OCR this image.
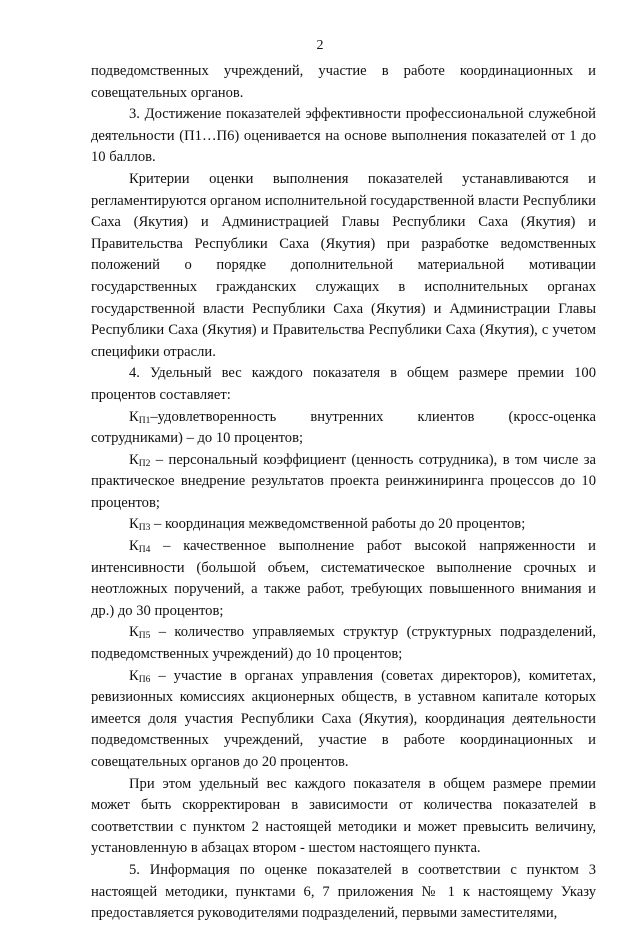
2

подведомственных учреждений, участие в работе координационных и совещательных органов.

3. Достижение показателей эффективности профессиональной служебной деятельности (П1…П6) оценивается на основе выполнения показателей от 1 до 10 баллов.

Критерии оценки выполнения показателей устанавливаются и регламентируются органом исполнительной государственной власти Республики Саха (Якутия) и Администрацией Главы Республики Саха (Якутия) и Правительства Республики Саха (Якутия) при разработке ведомственных положений о порядке дополнительной материальной мотивации государственных гражданских служащих в исполнительных органах государственной власти Республики Саха (Якутия) и Администрации Главы Республики Саха (Якутия) и Правительства Республики Саха (Якутия), с учетом специфики отрасли.

4. Удельный вес каждого показателя в общем размере премии 100 процентов составляет:

$К_{П1}$–удовлетворенность внутренних клиентов (кросс-оценка сотрудниками) – до 10 процентов;

$К_{П2}$ – персональный коэффициент (ценность сотрудника), в том числе за практическое внедрение результатов проекта реинжиниринга процессов до 10 процентов;

$К_{П3}$ – координация межведомственной работы до 20 процентов;

$К_{П4}$ – качественное выполнение работ высокой напряженности и интенсивности (большой объем, систематическое выполнение срочных и неотложных поручений, а также работ, требующих повышенного внимания и др.) до 30 процентов;

$К_{П5}$ – количество управляемых структур (структурных подразделений, подведомственных учреждений) до 10 процентов;

$К_{П6}$ – участие в органах управления (советах директоров), комитетах, ревизионных комиссиях акционерных обществ, в уставном капитале которых имеется доля участия Республики Саха (Якутия), координация деятельности подведомственных учреждений, участие в работе координационных и совещательных органов до 20 процентов.

При этом удельный вес каждого показателя в общем размере премии может быть скорректирован в зависимости от количества показателей в соответствии с пунктом 2 настоящей методики и может превысить величину, установленную в абзацах втором - шестом настоящего пункта.

5. Информация по оценке показателей в соответствии с пунктом 3 настоящей методики, пунктами 6, 7 приложения № 1 к настоящему Указу предоставляется руководителями подразделений, первыми заместителями,
